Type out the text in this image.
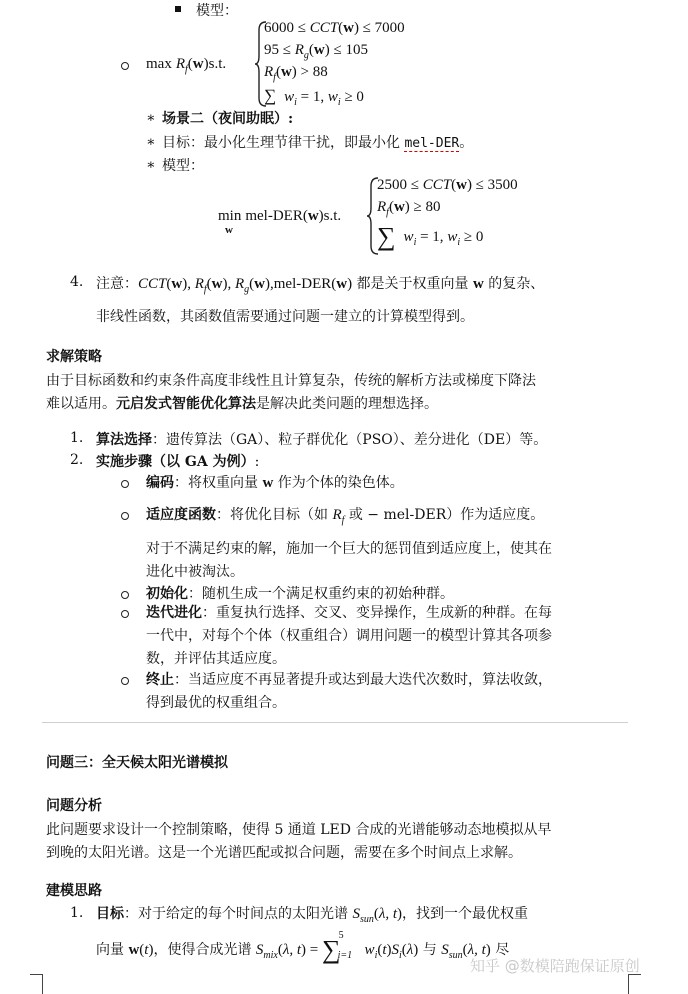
模型：
$\max R_f(w)s.t$.
6000 ≤ CCT(w) ≤ 7000
$95 \le R_g(w) \le 105$
$R_f(w) > 88$
∑ $w_i = 1$, $w_i \ge 0$
∗ 场景二（夜间助眠）:
∗ 目标：最小化生理节律干扰，即最小化 mel-DER。
∗ 模型：
min mel-DER(w)s.t.
w
2500 ≤ CCT(w) ≤ 3500
$R_f(w) \ge 80$
∑ $w_i = 1$, $w_i \ge 0$
4. 注意：CCT(w), $R_f(w)$, $R_g(w),mel-DER(w)$ 都是关于权重向量 w 的复杂、
非线性函数，其函数值需要通过问题一建立的计算模型得到。
求解策略
由于目标函数和约束条件高度非线性且计算复杂，传统的解析方法或梯度下降法
难以适用。元启发式智能优化算法是解决此类问题的理想选择。
1. 算法选择：遗传算法（GA）、粒子群优化（PSO）、差分进化（DE）等。
2. 实施步骤（以 GA 为例）:
编码：将权重向量 w 作为个体的染色体。
适应度函数：将优化目标（如 $R_f$ 或 − mel-DER）作为适应度。
对于不满足约束的解，施加一个巨大的惩罚值到适应度上，使其在
进化中被淘汰。
初始化：随机生成一个满足权重约束的初始种群。
迭代进化：重复执行选择、交叉、变异操作，生成新的种群。在每
一代中，对每个个体（权重组合）调用问题一的模型计算其各项参
数，并评估其适应度。
终止：当适应度不再显著提升或达到最大迭代次数时，算法收敛，
得到最优的权重组合。
问题三：全天候太阳光谱模拟
问题分析
此问题要求设计一个控制策略，使得 5 通道 LED 合成的光谱能够动态地模拟从早
到晚的太阳光谱。这是一个光谱匹配或拟合问题，需要在多个时间点上求解。
建模思路
1. 目标：对于给定的每个时间点的太阳光谱 $S_{sun}(\lambda$, t)，找到一个最优权重
向量 w(t)，使得合成光谱 $S_{mix}(\lambda$, t) = ∑$^5_{i=1}$ $w_i(t)S_i(\lambda)$ 与 $S_{sun}(\lambda$, t) 尽
知乎 @数模陪跑保证原创
